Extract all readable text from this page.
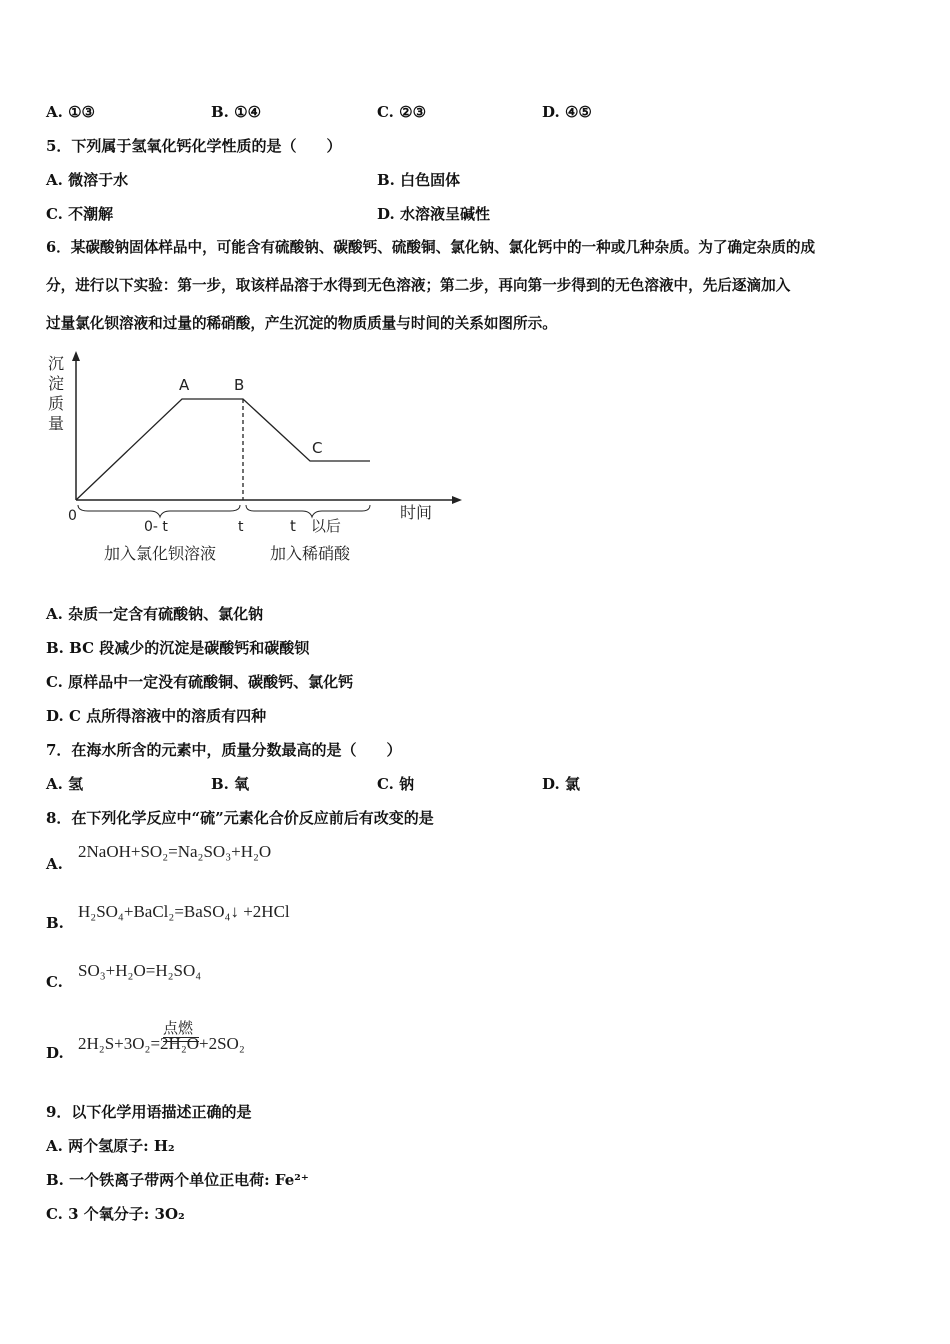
A. ①③	B. ①④	C. ②③	D. ④⑤
5．下列属于氢氧化钙化学性质的是（　　）
A. 微溶于水	B. 白色固体
C. 不潮解	D. 水溶液呈碱性
6．某碳酸钠固体样品中，可能含有硫酸钠、碳酸钙、硫酸铜、氯化钠、氯化钙中的一种或几种杂质。为了确定杂质的成
分，进行以下实验：第一步，取该样品溶于水得到无色溶液；第二步，再向第一步得到的无色溶液中，先后逐滴加入
过量氯化钡溶液和过量的稀硝酸，产生沉淀的物质质量与时间的关系如图所示。
沉
淀
质
量
A	B
C
时间
0
0- t	t	t　以后
加入氯化钡溶液	加入稀硝酸
A. 杂质一定含有硫酸钠、氯化钠
B. BC 段减少的沉淀是碳酸钙和碳酸钡
C. 原样品中一定没有硫酸铜、碳酸钙、氯化钙
D. C 点所得溶液中的溶质有四种
7．在海水所含的元素中，质量分数最高的是（　　）
A. 氢	B. 氧	C. 钠	D. 氯
8．在下列化学反应中“硫”元素化合价反应前后有改变的是
A.
2NaOH+SO₂=Na₂SO₃+H₂O
B.
H₂SO₄+BaCl₂=BaSO₄↓ +2HCl
C.
SO₃+H₂O=H₂SO₄
D.
点燃
2H₂S+3O₂=2H₂O+2SO₂
9．以下化学用语描述正确的是
A. 两个氢原子: H₂
B. 一个铁离子带两个单位正电荷: Fe²⁺
C. 3 个氧分子: 3O₂
